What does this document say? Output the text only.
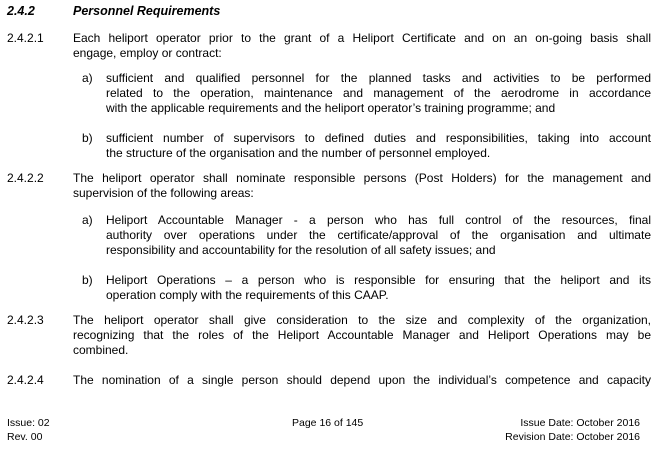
2.4.2	Personnel Requirements
2.4.2.1 Each heliport operator prior to the grant of a Heliport Certificate and on an on-going basis shall
engage, employ or contract:
a) sufficient and qualified personnel for the planned tasks and activities to be performed
related to the operation, maintenance and management of the aerodrome in accordance
with the applicable requirements and the heliport operator’s training programme; and
b) sufficient number of supervisors to defined duties and responsibilities, taking into account
the structure of the organisation and the number of personnel employed.
2.4.2.2 The heliport operator shall nominate responsible persons (Post Holders) for the management and
supervision of the following areas:
a) Heliport Accountable Manager - a person who has full control of the resources, final
authority over operations under the certificate/approval of the organisation and ultimate
responsibility and accountability for the resolution of all safety issues; and
b) Heliport Operations – a person who is responsible for ensuring that the heliport and its
operation comply with the requirements of this CAAP.
2.4.2.3 The heliport operator shall give consideration to the size and complexity of the organization,
recognizing that the roles of the Heliport Accountable Manager and Heliport Operations may be
combined.
2.4.2.4 The nomination of a single person should depend upon the individual’s competence and capacity
Issue: 02
Rev. 00
Page 16 of 145	Issue Date: October 2016
Revision Date: October 2016
